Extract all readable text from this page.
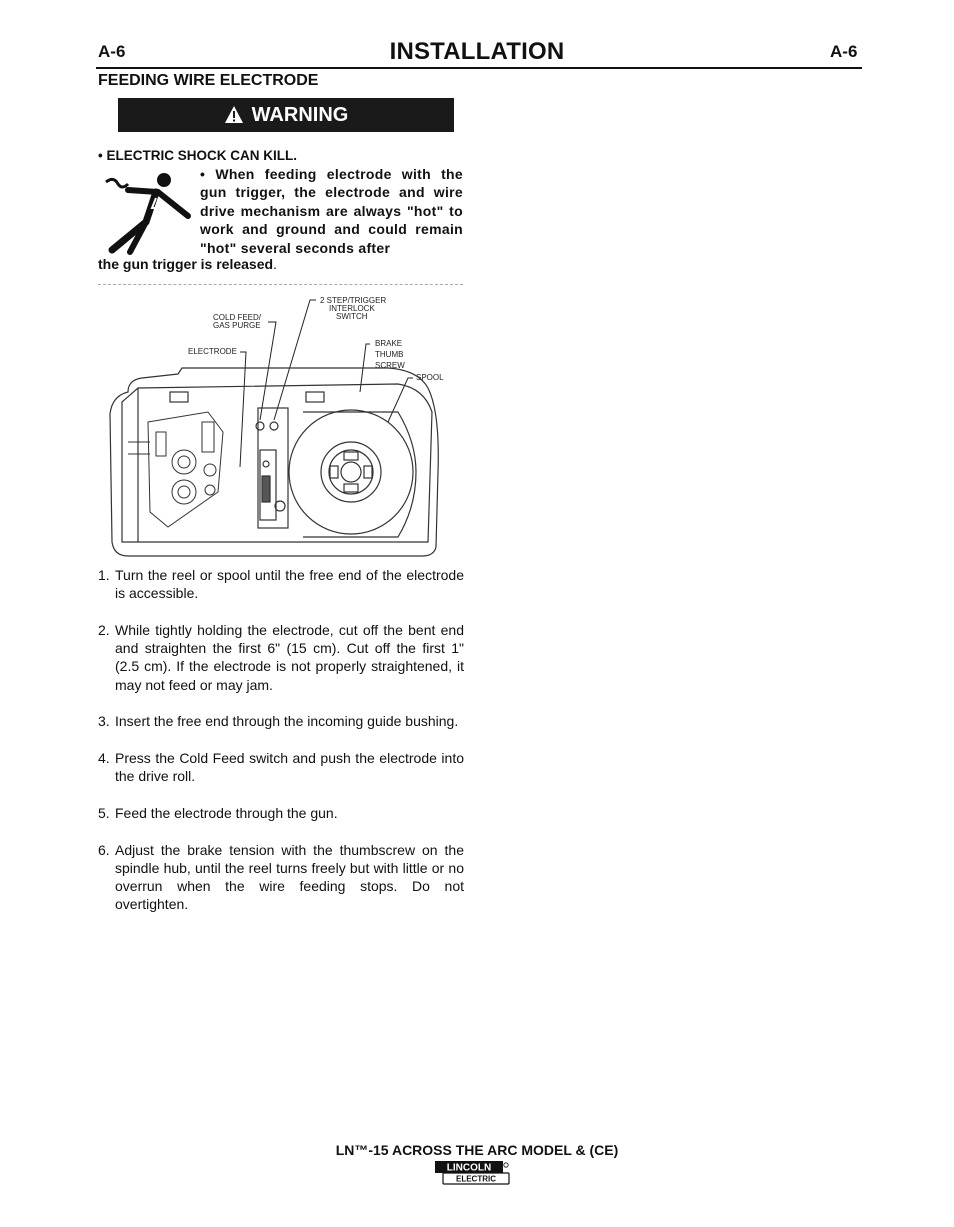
A-6	INSTALLATION	A-6
FEEDING WIRE ELECTRODE
WARNING
• ELECTRIC SHOCK CAN KILL.
• When feeding electrode with the gun trigger, the electrode and wire drive mechanism are always "hot" to work and ground and could remain "hot" several seconds after
the gun trigger is released.
COLD FEED/
GAS PURGE
2 STEP/TRIGGER
INTERLOCK
SWITCH
ELECTRODE
BRAKE
THUMB
SCREW
SPOOL
1. Turn the reel or spool until the free end of the electrode is accessible.
2. While tightly holding the electrode, cut off the bent end and straighten the first 6" (15 cm). Cut off the first 1" (2.5 cm). If the electrode is not properly straightened, it may not feed or may jam.
3. Insert the free end through the incoming guide bushing.
4. Press the Cold Feed switch and push the electrode into the drive roll.
5. Feed the electrode through the gun.
6. Adjust the brake tension with the thumbscrew on the spindle hub, until the reel turns freely but with little or no overrun when the wire feeding stops. Do not overtighten.
LN™-15 ACROSS THE ARC MODEL & (CE)
LINCOLN
ELECTRIC
